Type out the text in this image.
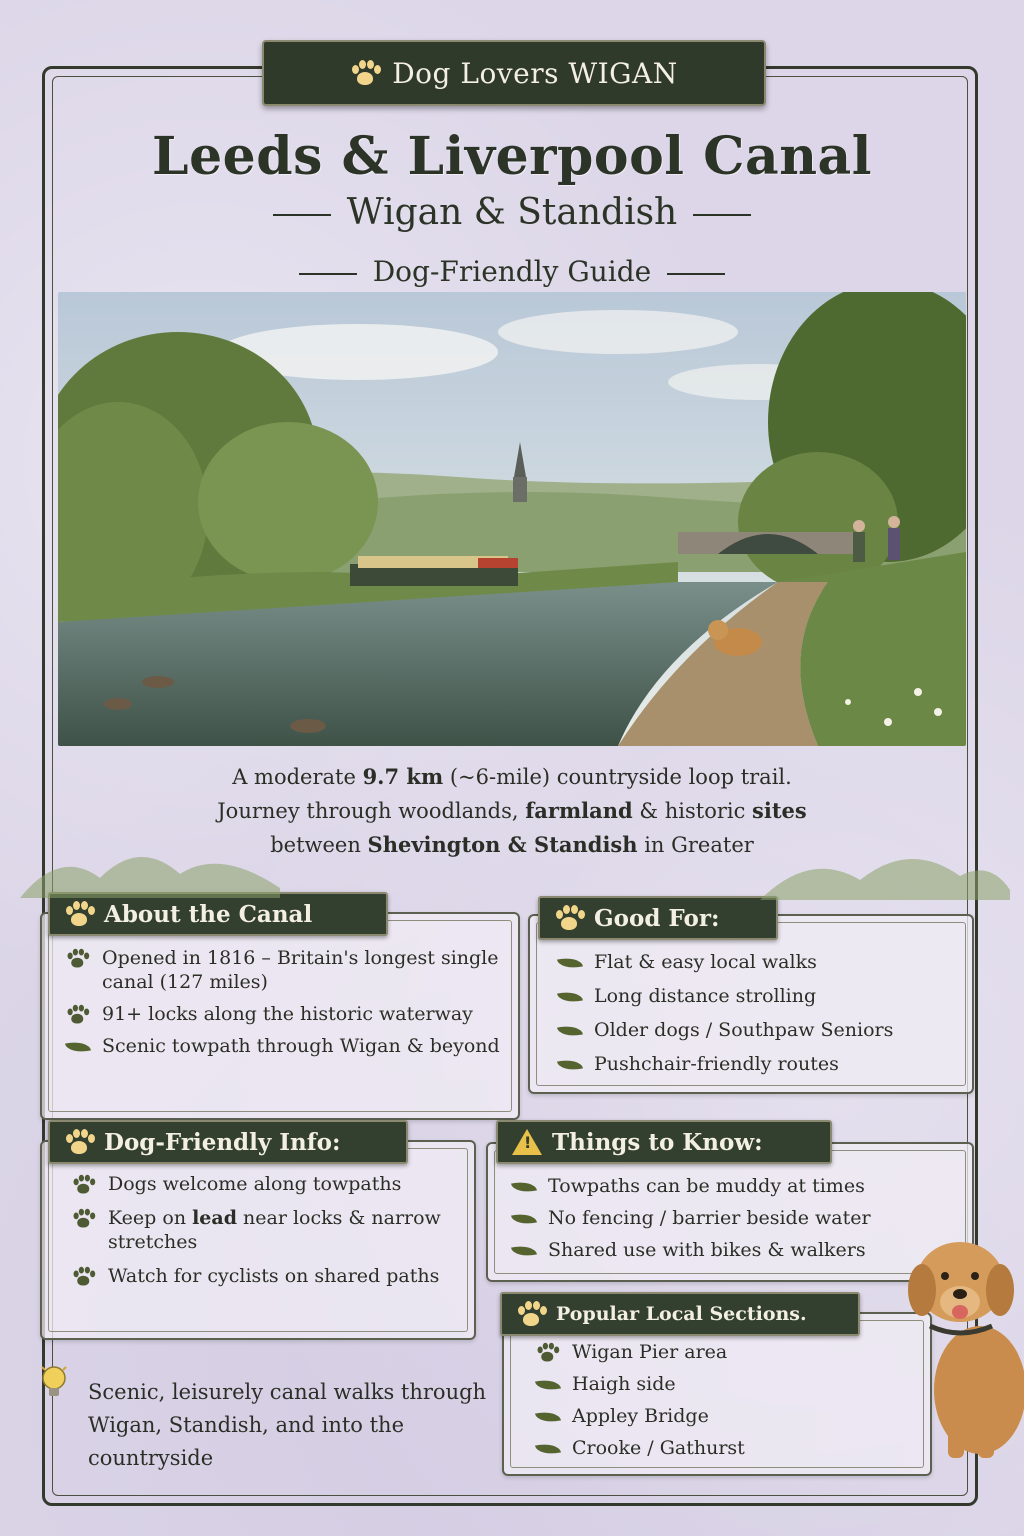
Dog Lovers WIGAN
Leeds & Liverpool Canal
Wigan & Standish
Dog-Friendly Guide
A moderate 9.7 km (~6-mile) countryside loop trail.
Journey through woodlands, farmland & historic sites
between Shevington & Standish in Greater
About the Canal
Opened in 1816 – Britain's longest single canal (127 miles)
91+ locks along the historic waterway
Scenic towpath through Wigan & beyond
Good For:
Flat & easy local walks
Long distance strolling
Older dogs / Southpaw Seniors
Pushchair-friendly routes
Dog-Friendly Info:
Dogs welcome along towpaths
Keep on lead near locks & narrow stretches
Watch for cyclists on shared paths
!
Things to Know:
Towpaths can be muddy at times
No fencing / barrier beside water
Shared use with bikes & walkers
Popular Local Sections.
Wigan Pier area
Haigh side
Appley Bridge
Crooke / Gathurst
Scenic, leisurely canal walks through Wigan, Standish, and into the countryside
